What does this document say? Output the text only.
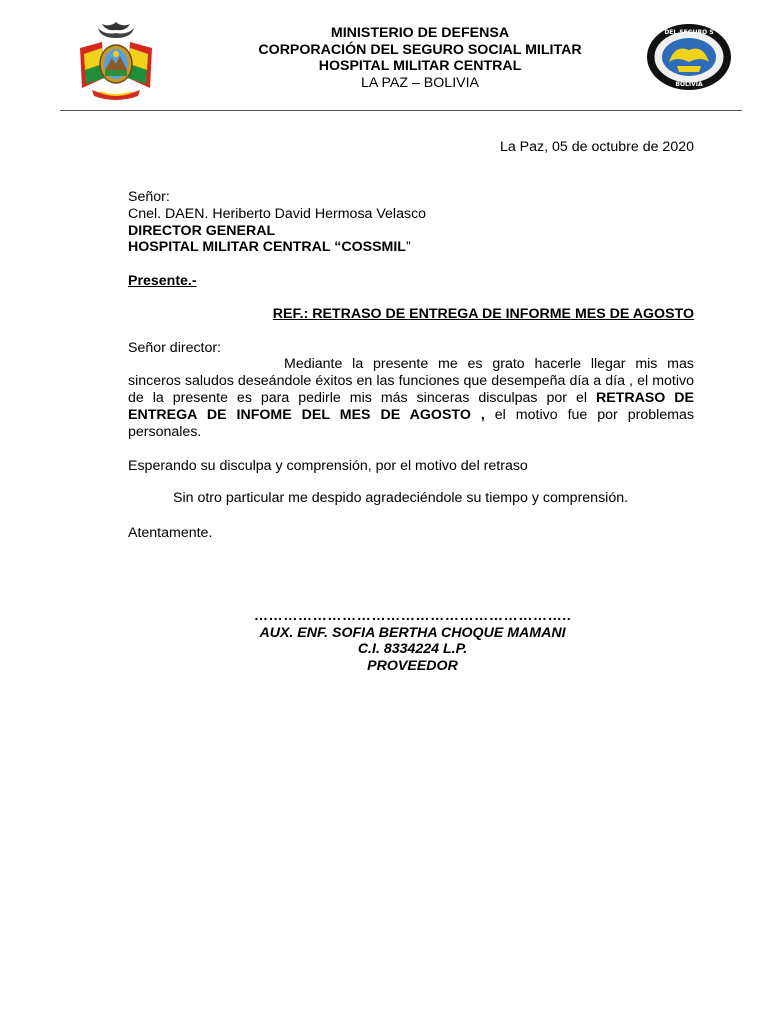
DEL SEGURO S
BOLIVIA
MINISTERIO DE DEFENSA
CORPORACIÓN DEL SEGURO SOCIAL MILITAR
HOSPITAL MILITAR CENTRAL
LA PAZ – BOLIVIA
La Paz, 05 de octubre de 2020
Señor:
Cnel. DAEN. Heriberto David Hermosa Velasco
DIRECTOR GENERAL
HOSPITAL MILITAR CENTRAL “COSSMIL”
Presente.-
REF.: RETRASO DE ENTREGA DE INFORME MES DE AGOSTO
Señor director:
Mediante la presente me es grato hacerle llegar mis mas sinceros saludos deseándole éxitos en las funciones que desempeña día a día , el motivo de la presente es para pedirle mis más sinceras disculpas por el RETRASO DE ENTREGA DE INFOME DEL MES DE AGOSTO , el motivo fue por problemas personales.
Esperando su disculpa y comprensión, por el motivo del retraso
Sin otro particular me despido agradeciéndole su tiempo y comprensión.
Atentamente.
………………………………………………………..
AUX. ENF. SOFIA BERTHA CHOQUE MAMANI
C.I. 8334224 L.P.
PROVEEDOR
